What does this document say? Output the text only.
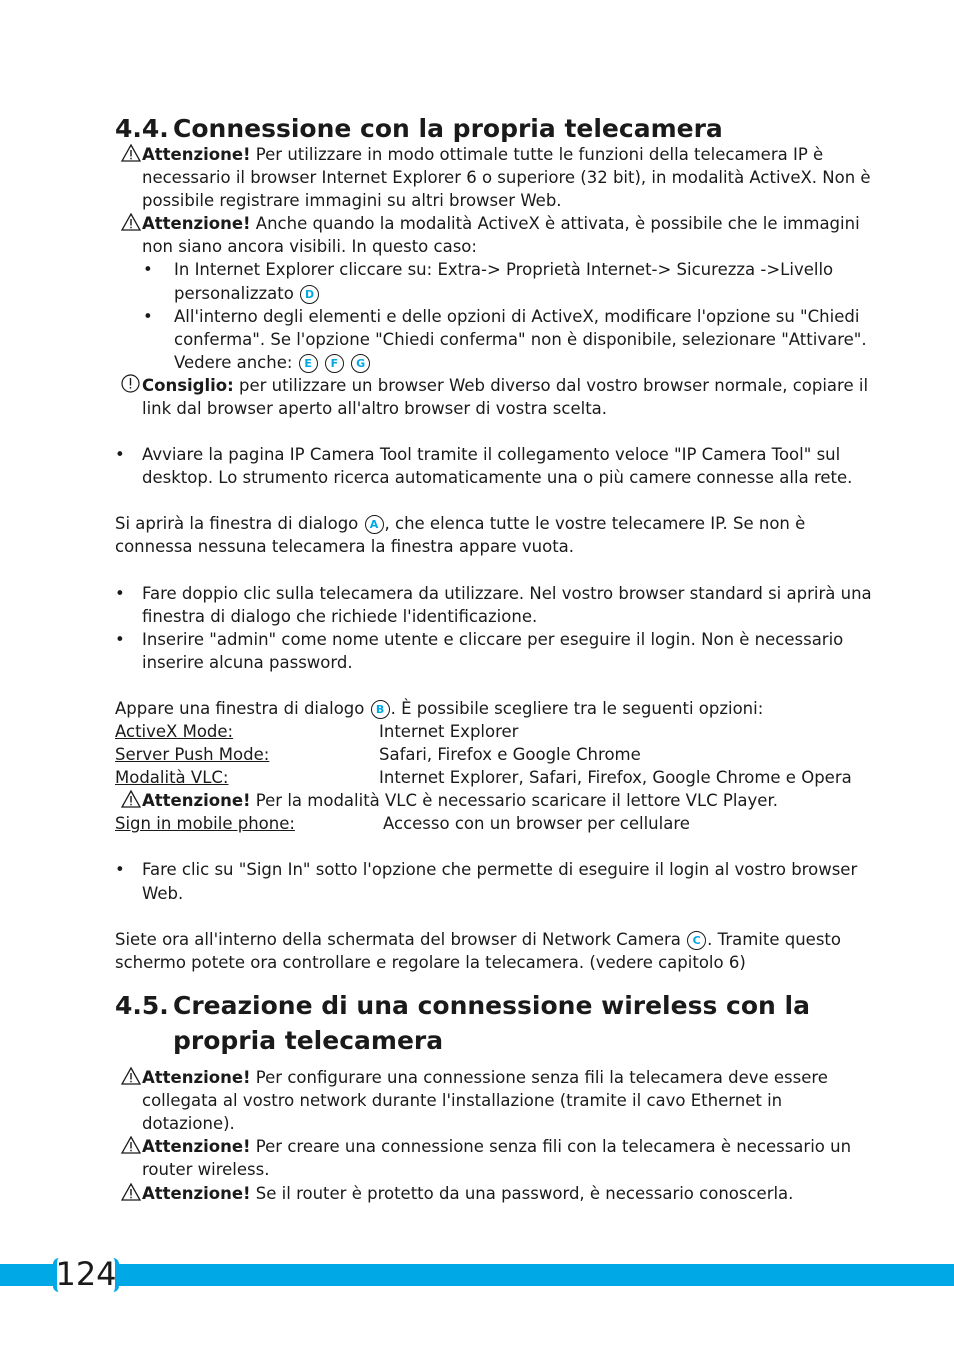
4.4. Connessione con la propria telecamera
Attenzione! Per utilizzare in modo ottimale tutte le funzioni della telecamera IP è
necessario il browser Internet Explorer 6 o superiore (32 bit), in modalità ActiveX. Non è
possibile registrare immagini su altri browser Web.
Attenzione! Anche quando la modalità ActiveX è attivata, è possibile che le immagini
non siano ancora visibili. In questo caso:
• In Internet Explorer cliccare su: Extra-> Proprietà Internet-> Sicurezza ->Livello
personalizzato D
• All'interno degli elementi e delle opzioni di ActiveX, modificare l'opzione su "Chiedi
conferma". Se l'opzione "Chiedi conferma" non è disponibile, selezionare "Attivare".
Vedere anche: E F G
Consiglio: per utilizzare un browser Web diverso dal vostro browser normale, copiare il
link dal browser aperto all'altro browser di vostra scelta.
• Avviare la pagina IP Camera Tool tramite il collegamento veloce "IP Camera Tool" sul
desktop. Lo strumento ricerca automaticamente una o più camere connesse alla rete.
Si aprirà la finestra di dialogo A , che elenca tutte le vostre telecamere IP. Se non è
connessa nessuna telecamera la finestra appare vuota.
• Fare doppio clic sulla telecamera da utilizzare. Nel vostro browser standard si aprirà una
finestra di dialogo che richiede l'identificazione.
• Inserire "admin" come nome utente e cliccare per eseguire il login. Non è necessario
inserire alcuna password.
Appare una finestra di dialogo B . È possibile scegliere tra le seguenti opzioni:
ActiveX Mode:	Internet Explorer
Server Push Mode:	Safari, Firefox e Google Chrome
Modalità VLC:	Internet Explorer, Safari, Firefox, Google Chrome e Opera
Attenzione! Per la modalità VLC è necessario scaricare il lettore VLC Player.
Sign in mobile phone:	Accesso con un browser per cellulare
• Fare clic su "Sign In" sotto l'opzione che permette di eseguire il login al vostro browser
Web.
Siete ora all'interno della schermata del browser di Network Camera C . Tramite questo
schermo potete ora controllare e regolare la telecamera. (vedere capitolo 6)
4.5. Creazione di una connessione wireless con la
propria telecamera
Attenzione! Per configurare una connessione senza fili la telecamera deve essere
collegata al vostro network durante l'installazione (tramite il cavo Ethernet in
dotazione).
Attenzione! Per creare una connessione senza fili con la telecamera è necessario un
router wireless.
Attenzione! Se il router è protetto da una password, è necessario conoscerla.
124
